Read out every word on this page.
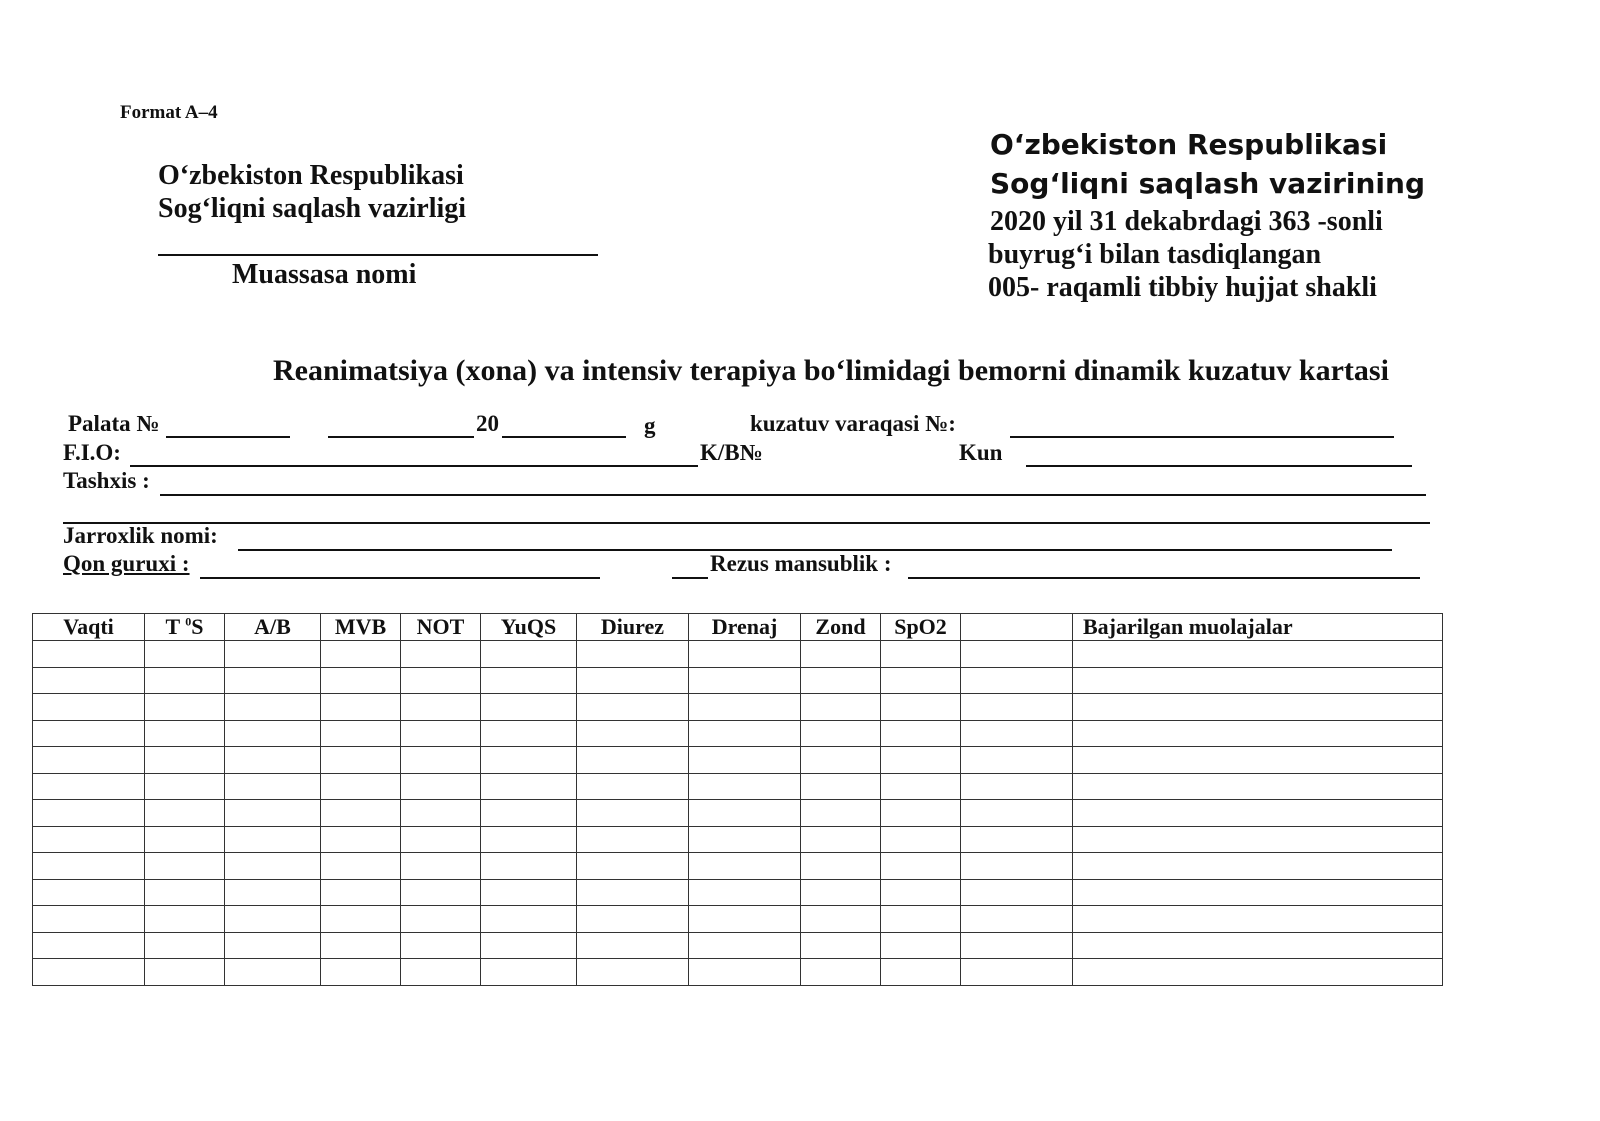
Format A–4
O‘zbekiston Respublikasi
Sog‘liqni saqlash vazirligi
Muassasa nomi
O‘zbekiston Respublikasi
Sog‘liqni saqlash vazirining
2020 yil 31 dekabrdagi 363 -sonli
buyrug‘i bilan tasdiqlangan
005- raqamli tibbiy hujjat shakli
Reanimatsiya (xona) va intensiv terapiya bo‘limidagi bemorni dinamik kuzatuv kartasi
Palata №	20	g	kuzatuv varaqasi №:
F.I.O:	K/B№	Kun
Tashxis :
Jarroxlik nomi:
Qon guruxi :	Rezus mansublik :
Vaqti	T $^0$S	A/B	MVB	NOT	YuQS	Diurez	Drenaj	Zond	SpO2		Bajarilgan muolajalar
